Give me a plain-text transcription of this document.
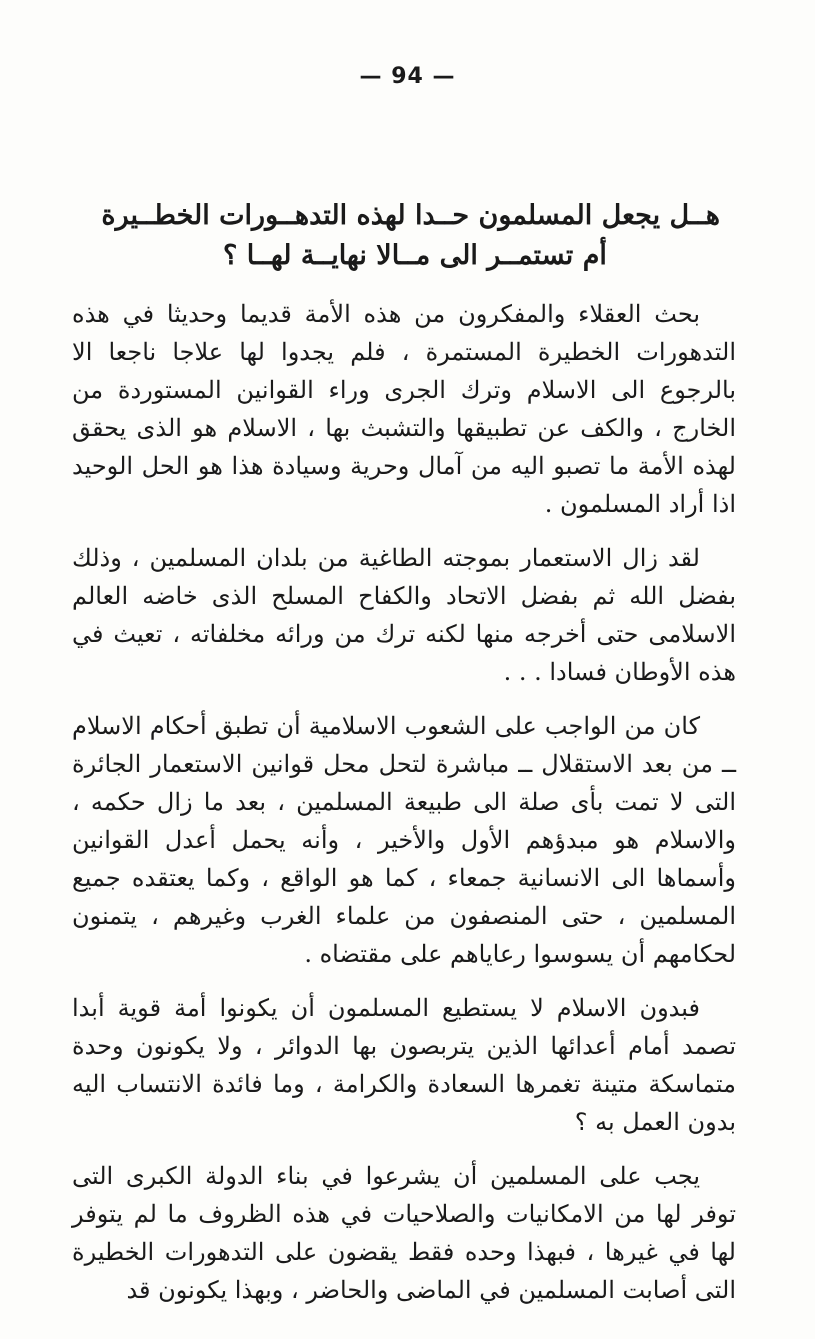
— 94 —
هــل يجعل المسلمون حــدا لهذه التدهــورات الخطــيرة
أم تستمــر الى مــالا نهايــة لهــا ؟

بحث العقلاء والمفكرون من هذه الأمة قديما وحديثا في هذه التدهورات الخطيرة المستمرة ، فلم يجدوا لها علاجا ناجعا الا بالرجوع الى الاسلام وترك الجرى وراء القوانين المستوردة من الخارج ، والكف عن تطبيقها والتشبث بها ، الاسلام هو الذى يحقق لهذه الأمة ما تصبو اليه من آمال وحرية وسيادة هذا هو الحل الوحيد اذا أراد المسلمون .

لقد زال الاستعمار بموجته الطاغية من بلدان المسلمين ، وذلك بفضل الله ثم بفضل الاتحاد والكفاح المسلح الذى خاضه العالم الاسلامى حتى أخرجه منها لكنه ترك من ورائه مخلفاته ، تعيث في هذه الأوطان فسادا . . .

كان من الواجب على الشعوب الاسلامية أن تطبق أحكام الاسلام ــ من بعد الاستقلال ــ مباشرة لتحل محل قوانين الاستعمار الجائرة التى لا تمت بأى صلة الى طبيعة المسلمين ، بعد ما زال حكمه ، والاسلام هو مبدؤهم الأول والأخير ، وأنه يحمل أعدل القوانين وأسماها الى الانسانية جمعاء ، كما هو الواقع ، وكما يعتقده جميع المسلمين ، حتى المنصفون من علماء الغرب وغيرهم ، يتمنون لحكامهم أن يسوسوا رعاياهم على مقتضاه .

فبدون الاسلام لا يستطيع المسلمون أن يكونوا أمة قوية أبدا تصمد أمام أعدائها الذين يتربصون بها الدوائر ، ولا يكونون وحدة متماسكة متينة تغمرها السعادة والكرامة ، وما فائدة الانتساب اليه بدون العمل به ؟

يجب على المسلمين أن يشرعوا في بناء الدولة الكبرى التى توفر لها من الامكانيات والصلاحيات في هذه الظروف ما لم يتوفر لها في غيرها ، فبهذا وحده فقط يقضون على التدهورات الخطيرة التى أصابت المسلمين في الماضى والحاضر ، وبهذا يكونون قد
